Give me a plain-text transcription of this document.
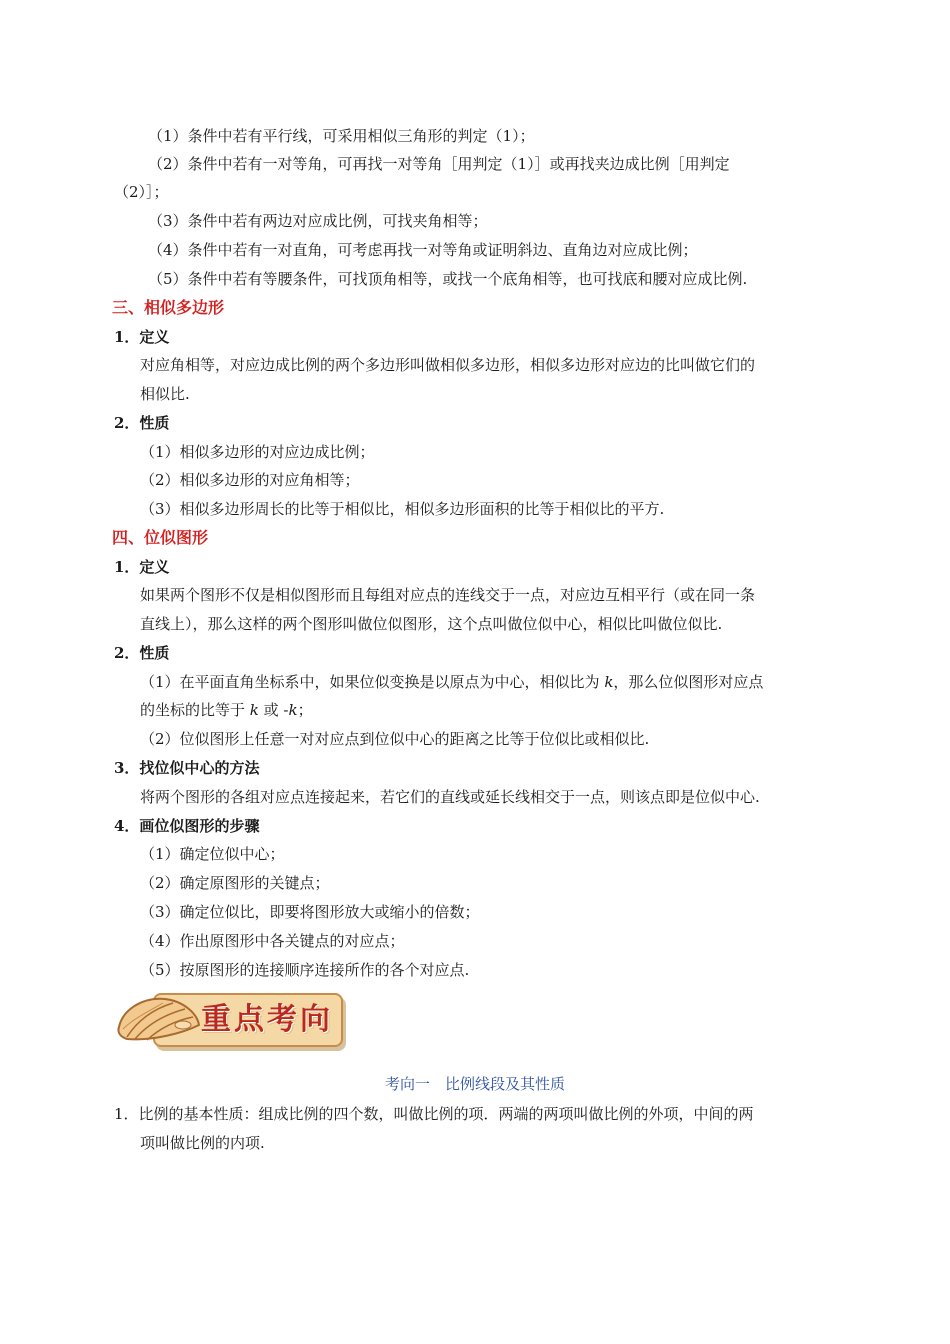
（1）条件中若有平行线，可采用相似三角形的判定（1）；
（2）条件中若有一对等角，可再找一对等角［用判定（1）］或再找夹边成比例［用判定
（2）］；
（3）条件中若有两边对应成比例，可找夹角相等；
（4）条件中若有一对直角，可考虑再找一对等角或证明斜边、直角边对应成比例；
（5）条件中若有等腰条件，可找顶角相等，或找一个底角相等，也可找底和腰对应成比例.
三、相似多边形
1．定义
对应角相等，对应边成比例的两个多边形叫做相似多边形，相似多边形对应边的比叫做它们的
相似比.
2．性质
（1）相似多边形的对应边成比例；
（2）相似多边形的对应角相等；
（3）相似多边形周长的比等于相似比，相似多边形面积的比等于相似比的平方.
四、位似图形
1．定义
如果两个图形不仅是相似图形而且每组对应点的连线交于一点，对应边互相平行（或在同一条
直线上），那么这样的两个图形叫做位似图形，这个点叫做位似中心，相似比叫做位似比.
2．性质
（1）在平面直角坐标系中，如果位似变换是以原点为中心，相似比为 k，那么位似图形对应点
的坐标的比等于 k 或 -k；
（2）位似图形上任意一对对应点到位似中心的距离之比等于位似比或相似比.
3．找位似中心的方法
将两个图形的各组对应点连接起来，若它们的直线或延长线相交于一点，则该点即是位似中心.
4．画位似图形的步骤
（1）确定位似中心；
（2）确定原图形的关键点；
（3）确定位似比，即要将图形放大或缩小的倍数；
（4）作出原图形中各关键点的对应点；
（5）按原图形的连接顺序连接所作的各个对应点.
重点考向
考向一　比例线段及其性质
1．比例的基本性质：组成比例的四个数，叫做比例的项．两端的两项叫做比例的外项，中间的两
项叫做比例的内项.
